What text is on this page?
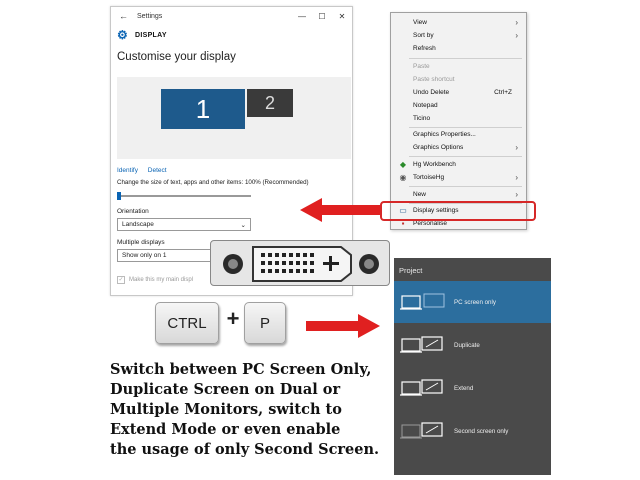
←	Settings	—	☐	✕
⚙ DISPLAY
Customise your display
1	2
Identify Detect
Change the size of text, apps and other items: 100% (Recommended)
Orientation
Landscape	⌄
Multiple displays
Show only on 1
✓ Make this my main displ
View	›
Sort by	›
Refresh
Paste
Paste shortcut
Undo Delete	Ctrl+Z
Notepad
Ticino
Graphics Properties...
Graphics Options	›
◆ Hg Workbench
◉ TortoiseHg	›
New	›
▭ Display settings
▪	Personalise
CTRL +	P
Switch between PC Screen Only,
Duplicate Screen on Dual or
Multiple Monitors, switch to
Extend Mode or even enable
the usage of only Second Screen.
Project
PC screen only
Duplicate
Extend
Second screen only
